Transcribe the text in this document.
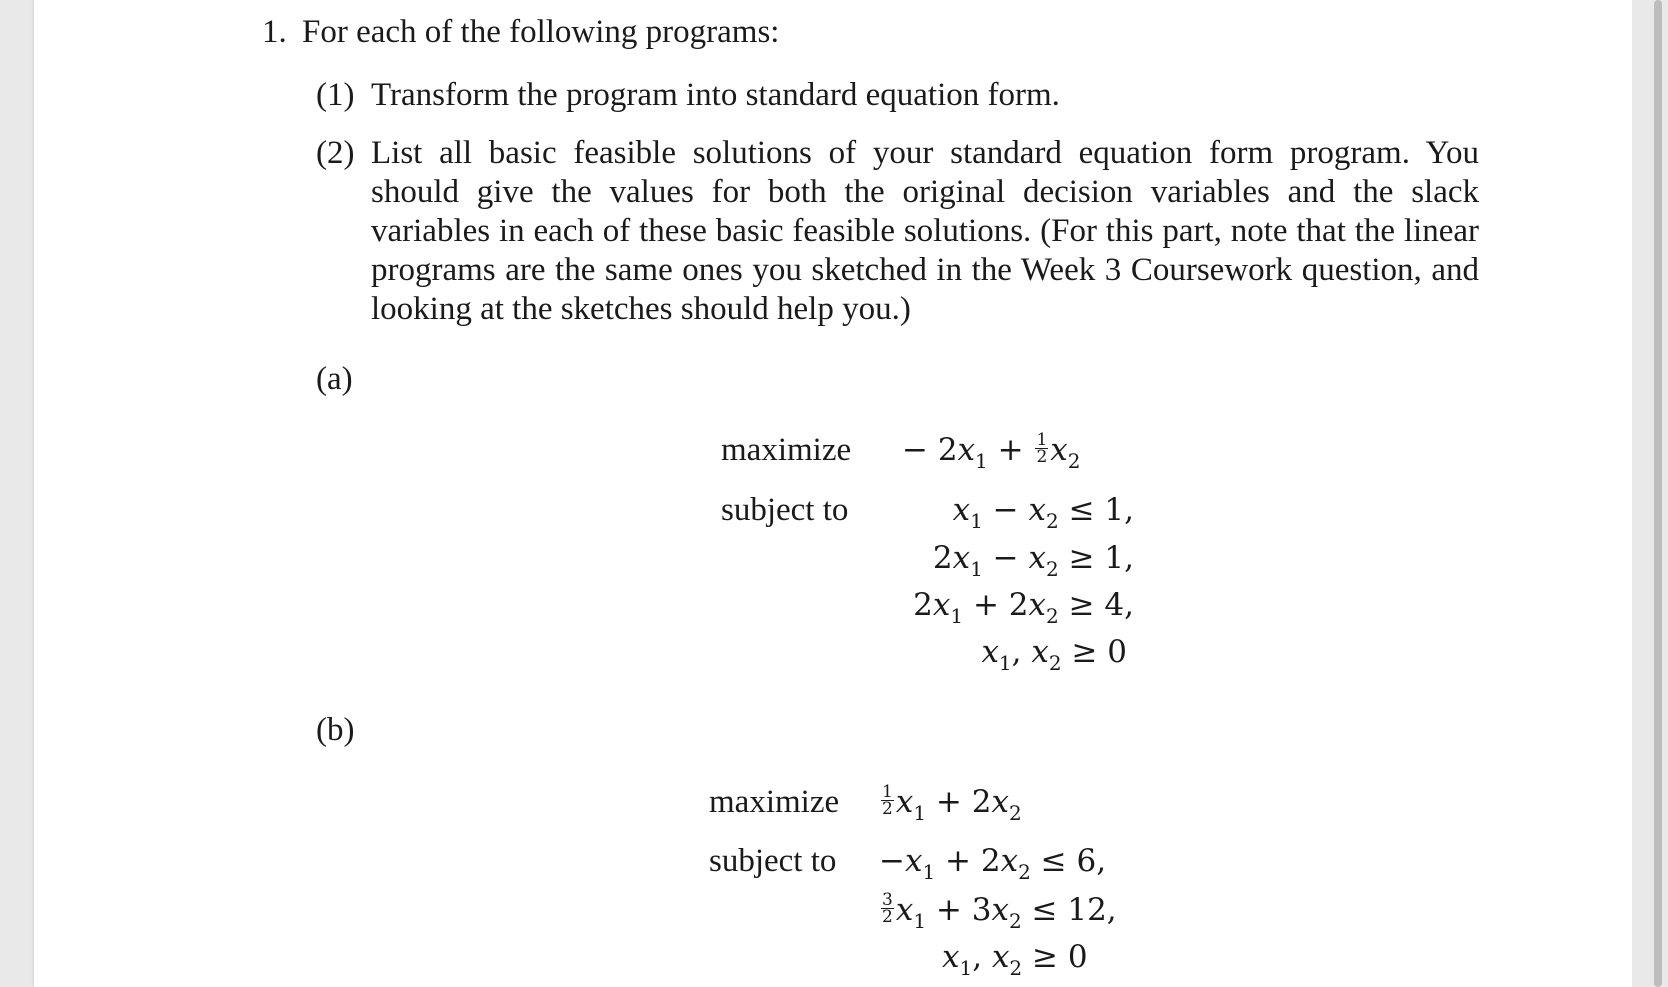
1. For each of the following programs:
(1) Transform the program into standard equation form.
(2) List all basic feasible solutions of your standard equation form program. You should give the values for both the original decision variables and the slack variables in each of these basic feasible solutions. (For this part, note that the linear programs are the same ones you sketched in the Week 3 Coursework question, and looking at the sketches should help you.)
(a)
maximize
subject to
− $2x_1 + \frac{1}{2} x_2$
$x_1 - x_2 \le 1$,
$2x_1 - x_2 \ge 1$,
$2x_1 + 2x_2 \ge 4$,
$x_1$, $x_2 \ge 0$
(b)
maximize
subject to
$\frac{1}{2} x_1 + 2x_2$
$-x_1 + 2x_2 \le 6$,
$\frac{3}{2} x_1 + 3x_2 \le 12$,
$x_1$, $x_2 \ge 0$
